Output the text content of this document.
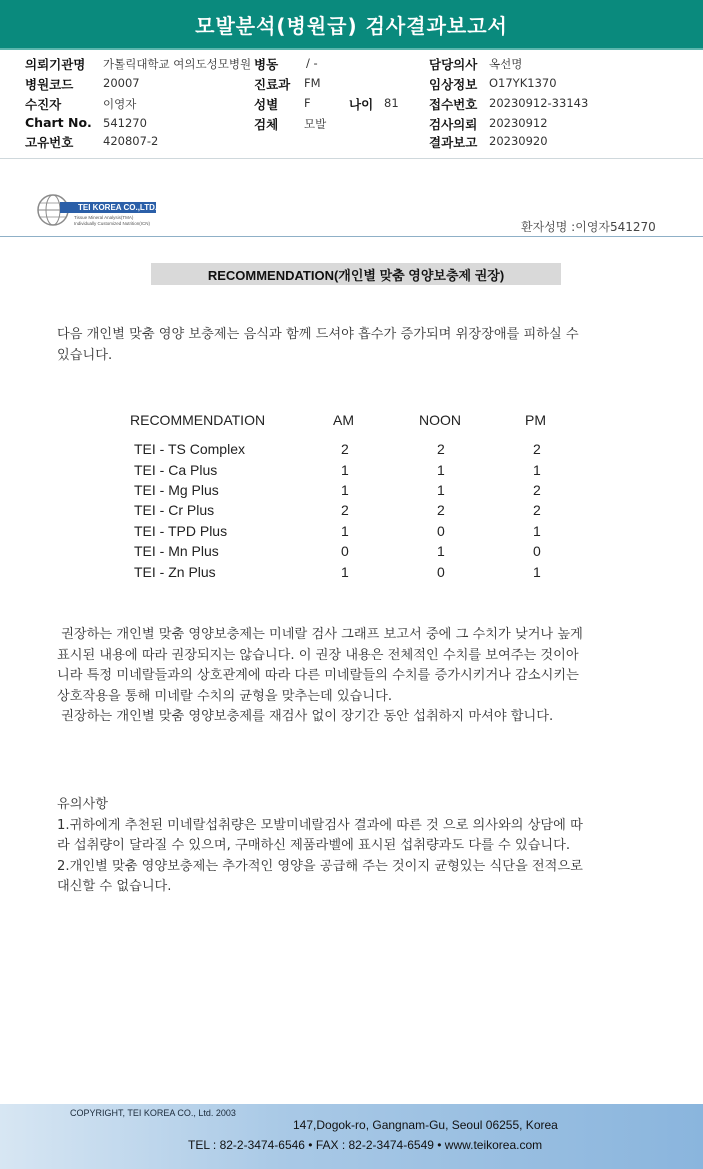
모발분석(병원급) 검사결과보고서
의뢰기관명 가톨릭대학교 여의도성모병원 병동 / -	담당의사 옥선명
병원코드	20007	진료과 FM	임상정보 O17YK1370
수진자	이영자	성별 F	나이 81 접수번호 20230912-33143
Chart No. 541270	검체 모발	검사의뢰 20230912
고유번호	420807-2	결과보고 20230920
TEI KOREA CO.,LTD.
Tissue Mineral Analysis(TMA)
Individually Customized Nutrition(ICN)	환자성명 :이영자541270
RECOMMENDATION(개인별 맞춤 영양보충제 권장)
다음 개인별 맞춤 영양 보충제는 음식과 함께 드셔야 흡수가 증가되며 위장장애를 피하실 수
있습니다.
RECOMMENDATION	AM	NOON	PM
TEI - TS Complex	2	2	2
TEI - Ca Plus	1	1	1
TEI - Mg Plus	1	1	2
TEI - Cr Plus	2	2	2
TEI - TPD Plus	1	0	1
TEI - Mn Plus	0	1	0
TEI - Zn Plus	1	0	1
권장하는 개인별 맞춤 영양보충제는 미네랄 검사 그래프 보고서 중에 그 수치가 낮거나 높게
표시된 내용에 따라 권장되지는 않습니다. 이 권장 내용은 전체적인 수치를 보여주는 것이아
니라 특정 미네랄들과의 상호관계에 따라 다른 미네랄들의 수치를 증가시키거나 감소시키는
상호작용을 통해 미네랄 수치의 균형을 맞추는데 있습니다.
권장하는 개인별 맞춤 영양보충제를 재검사 없이 장기간 동안 섭취하지 마셔야 합니다.
유의사항
1.귀하에게 추천된 미네랄섭취량은 모발미네랄검사 결과에 따른 것 으로 의사와의 상담에 따
라 섭취량이 달라질 수 있으며, 구매하신 제품라벨에 표시된 섭취량과도 다를 수 있습니다.
2.개인별 맞춤 영양보충제는 추가적인 영양을 공급해 주는 것이지 균형있는 식단을 전적으로
대신할 수 없습니다.
COPYRIGHT, TEI KOREA CO., Ltd. 2003
147,Dogok-ro, Gangnam-Gu, Seoul 06255, Korea
TEL : 82-2-3474-6546 • FAX : 82-2-3474-6549 • www.teikorea.com
